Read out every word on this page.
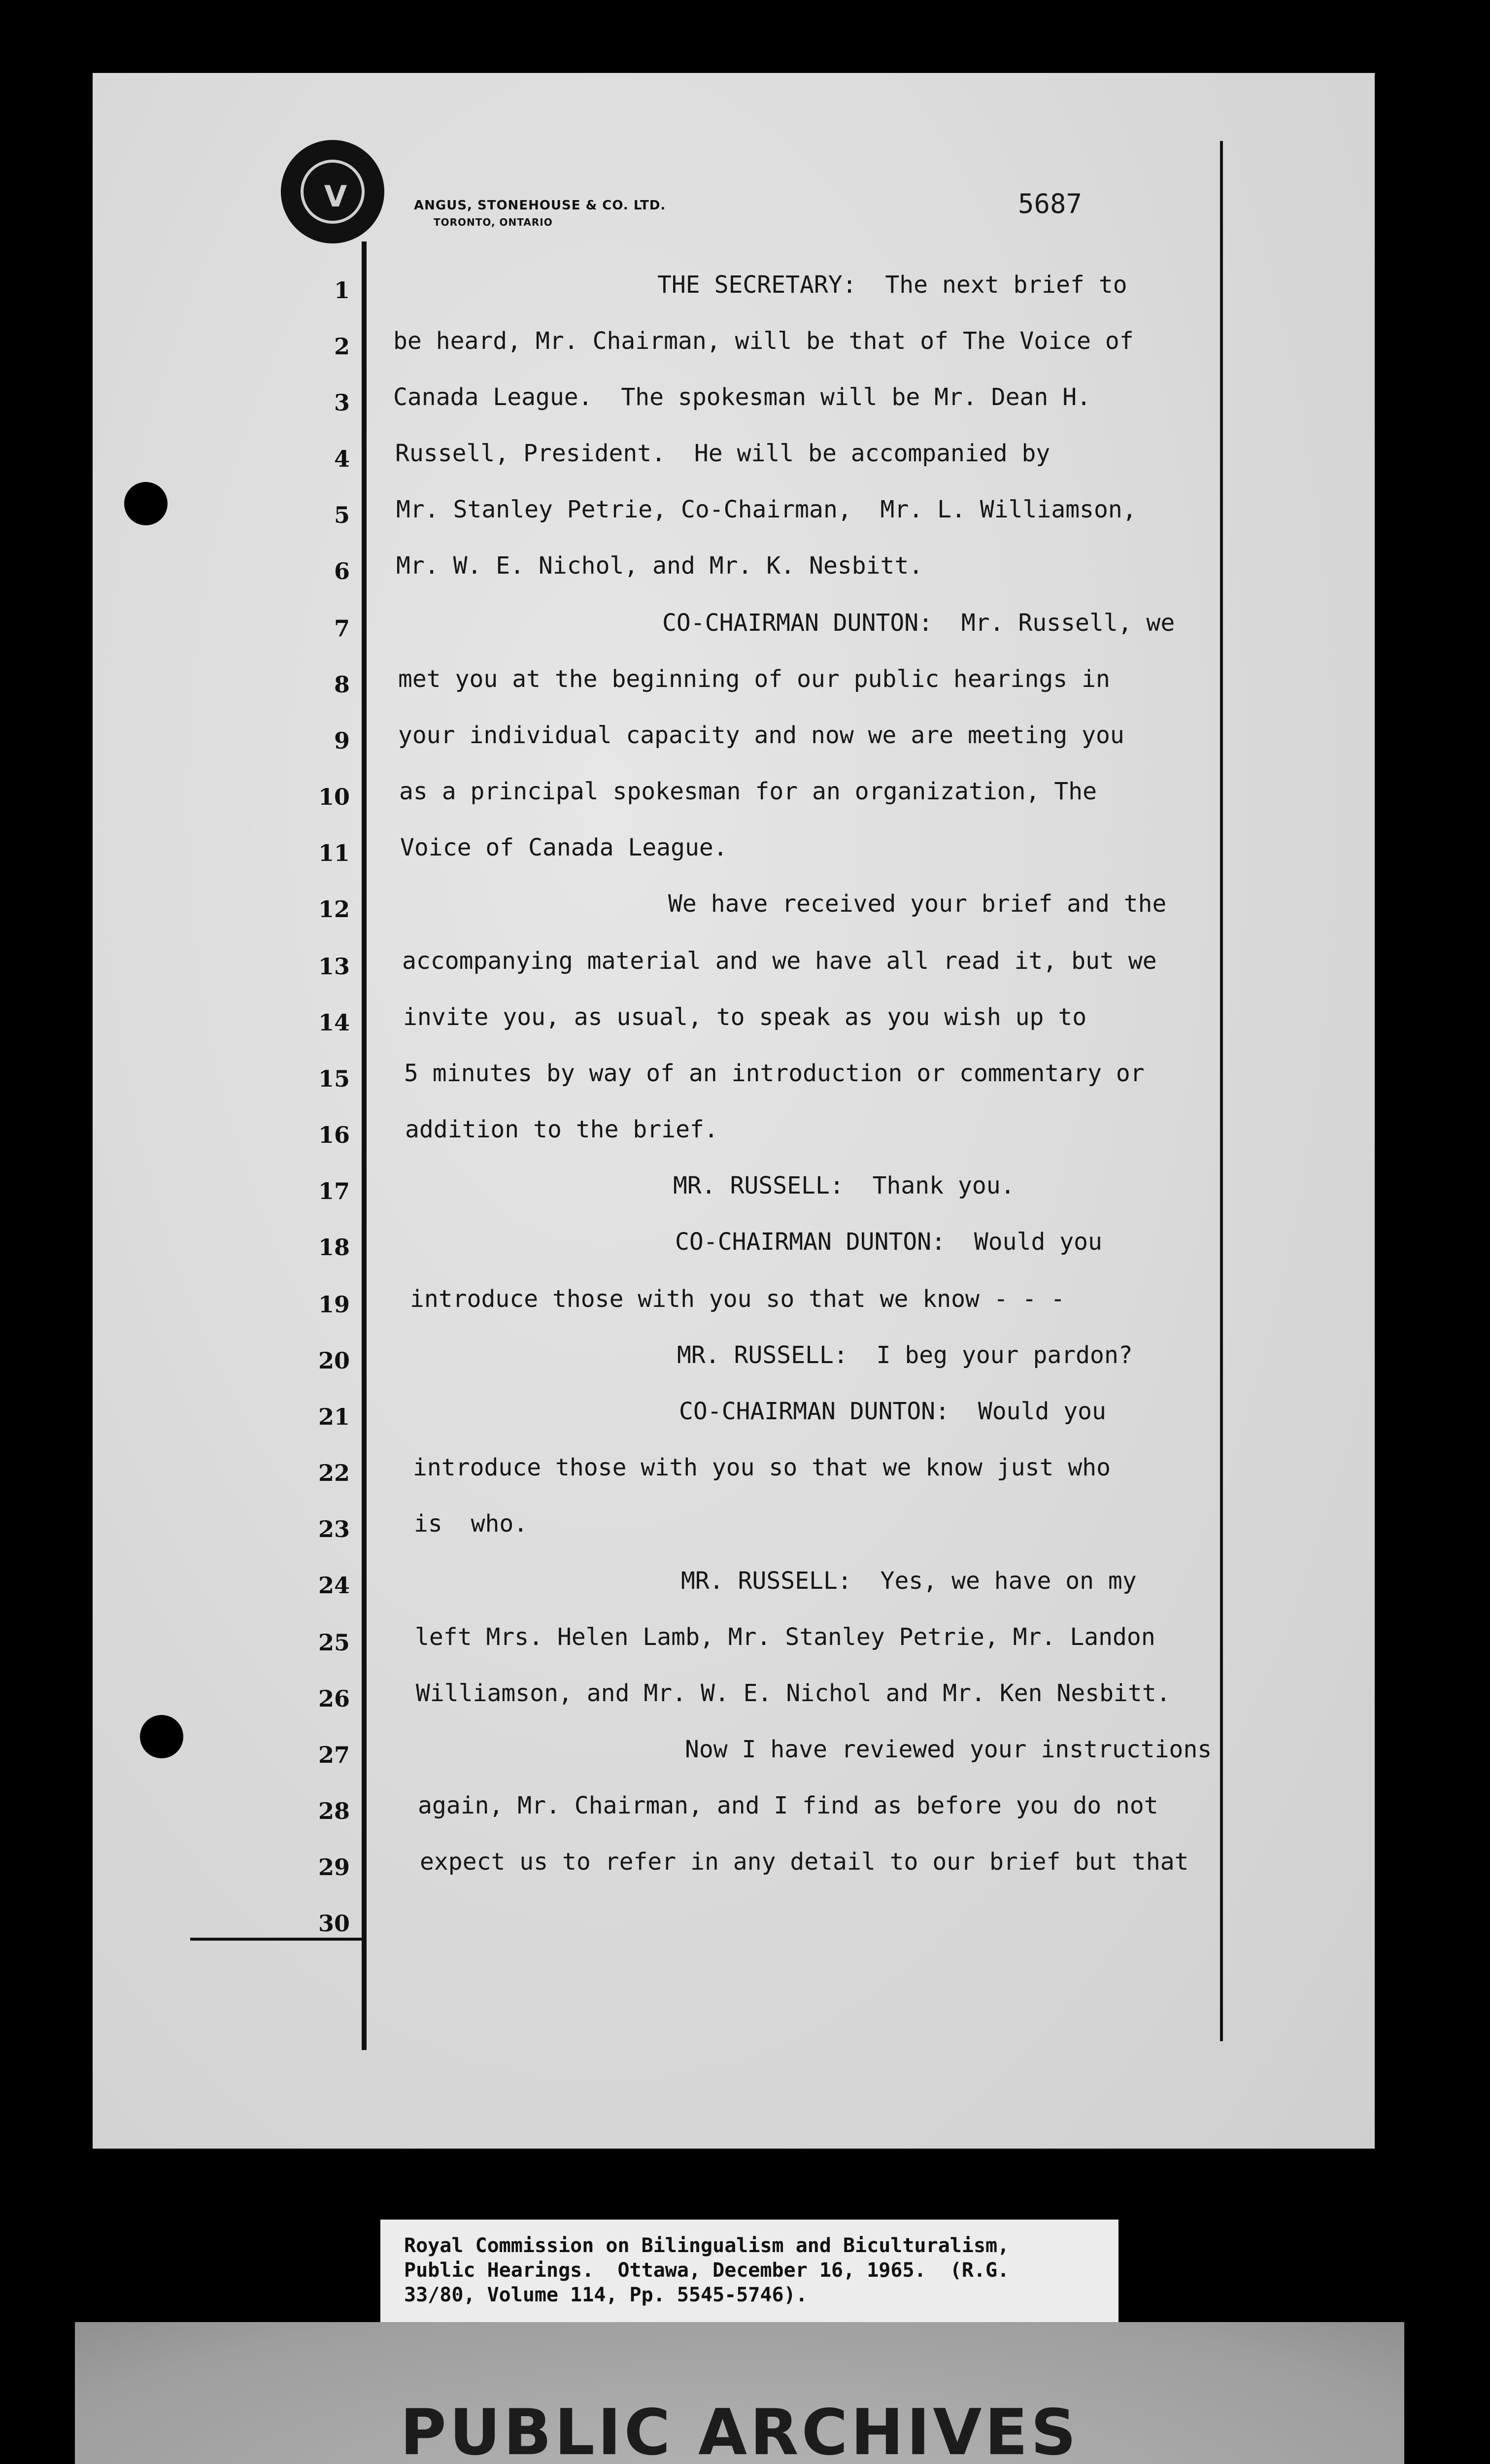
V	ANGUS, STONEHOUSE & CO. LTD.
TORONTO, ONTARIO
5687
1
2
3
4
5
6
7
8
9
10
11
12
13
14
15
16
17
18
19
20
21
22
23
24
25
26
27
28
29
30
THE SECRETARY:  The next brief to
be heard, Mr. Chairman, will be that of The Voice of
Canada League.  The spokesman will be Mr. Dean H.
Russell, President.  He will be accompanied by
Mr. Stanley Petrie, Co-Chairman,  Mr. L. Williamson,
Mr. W. E. Nichol, and Mr. K. Nesbitt.
CO-CHAIRMAN DUNTON:  Mr. Russell, we
met you at the beginning of our public hearings in
your individual capacity and now we are meeting you
as a principal spokesman for an organization, The
Voice of Canada League.
We have received your brief and the
accompanying material and we have all read it, but we
invite you, as usual, to speak as you wish up to
5 minutes by way of an introduction or commentary or
addition to the brief.
MR. RUSSELL:  Thank you.
CO-CHAIRMAN DUNTON:  Would you
introduce those with you so that we know - - -
MR. RUSSELL:  I beg your pardon?
CO-CHAIRMAN DUNTON:  Would you
introduce those with you so that we know just who
is  who.
MR. RUSSELL:  Yes, we have on my
left Mrs. Helen Lamb, Mr. Stanley Petrie, Mr. Landon
Williamson, and Mr. W. E. Nichol and Mr. Ken Nesbitt.
Now I have reviewed your instructions
again, Mr. Chairman, and I find as before you do not
expect us to refer in any detail to our brief but that
Royal Commission on Bilingualism and Biculturalism,
Public Hearings.  Ottawa, December 16, 1965.  (R.G.
33/80, Volume 114, Pp. 5545-5746).
PUBLIC ARCHIVES
